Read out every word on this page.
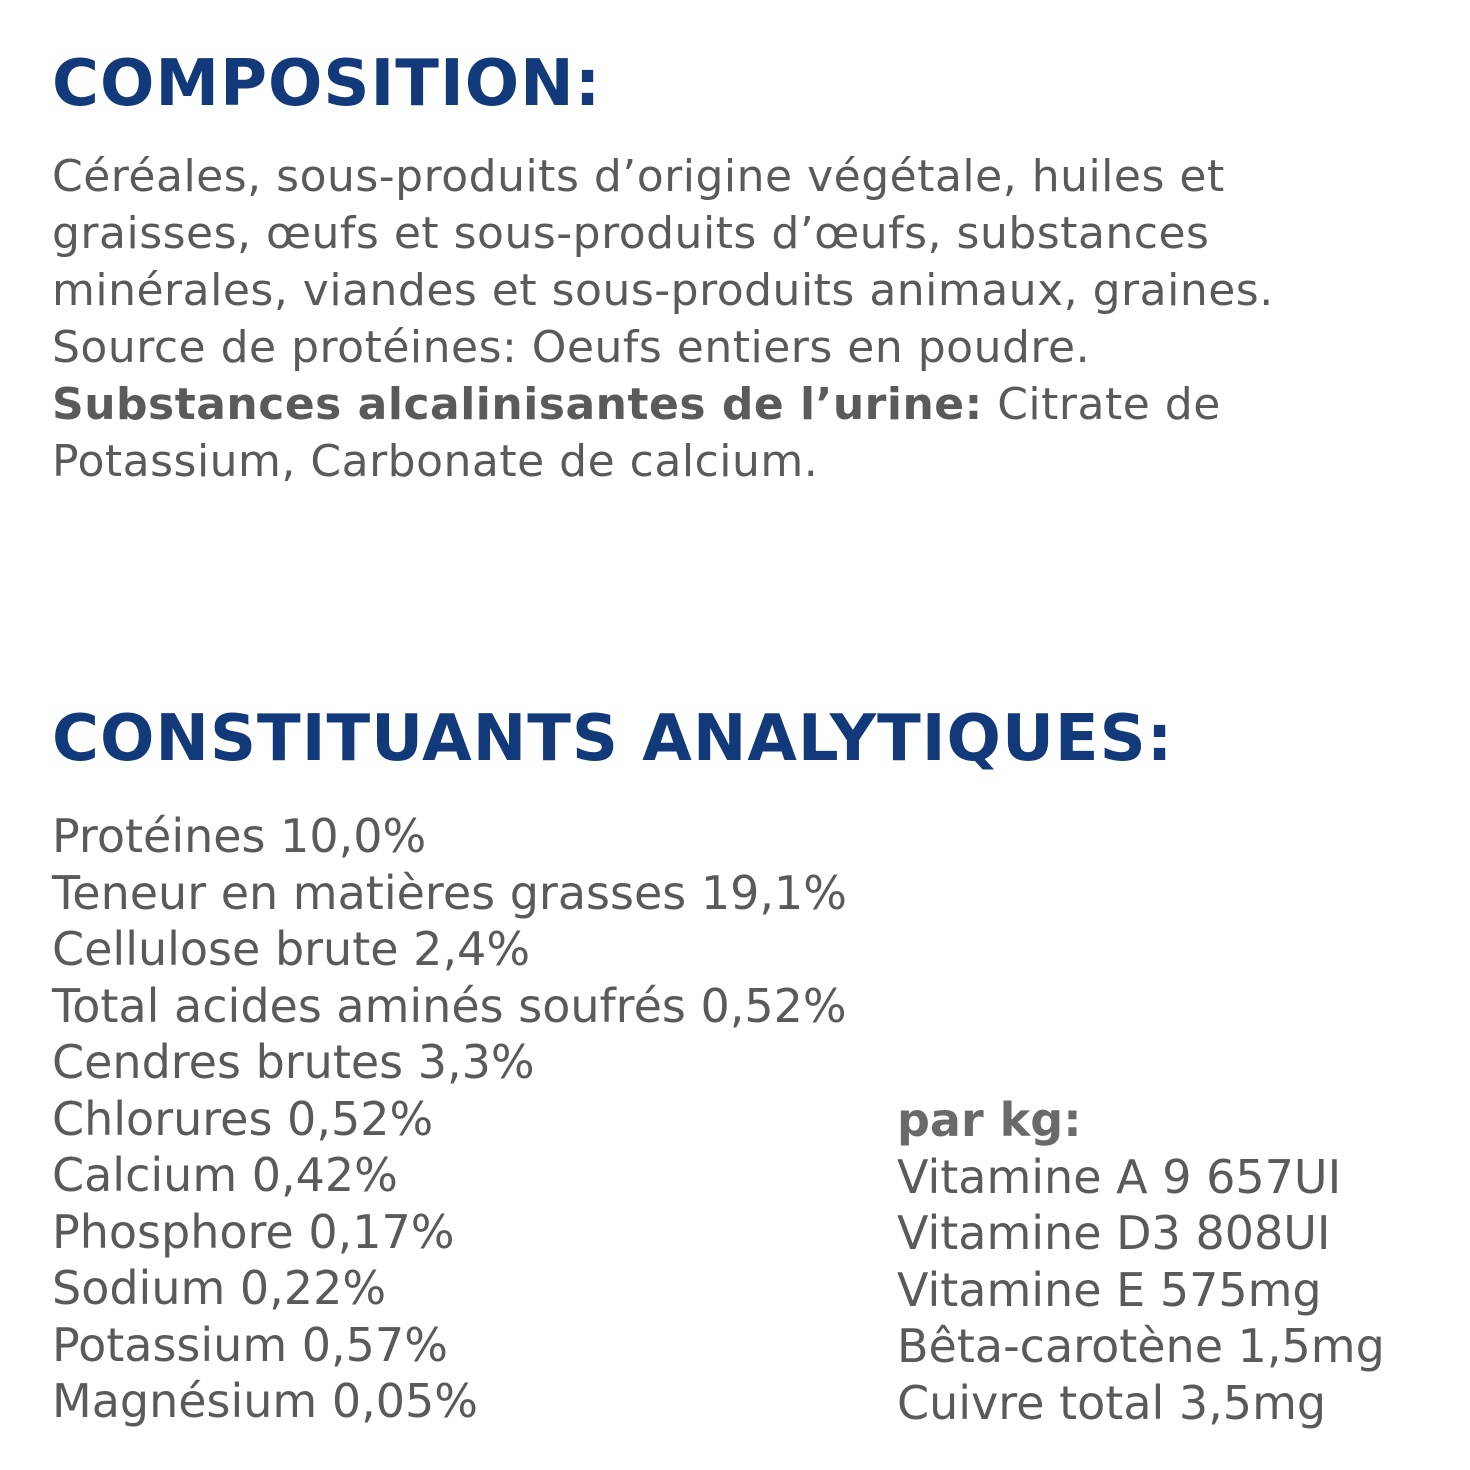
COMPOSITION:

Céréales, sous-produits d’origine végétale, huiles et
graisses, œufs et sous-produits d’œufs, substances
minérales, viandes et sous-produits animaux, graines.
Source de protéines: Oeufs entiers en poudre.
Substances alcalinisantes de l’urine: Citrate de
Potassium, Carbonate de calcium.

CONSTITUANTS ANALYTIQUES:
Protéines 10,0%
Teneur en matières grasses 19,1%
Cellulose brute 2,4%
Total acides aminés soufrés 0,52%
Cendres brutes 3,3%
Chlorures 0,52%
Calcium 0,42%
Phosphore 0,17%
Sodium 0,22%
Potassium 0,57%
Magnésium 0,05%
par kg:
Vitamine A 9 657UI
Vitamine D3 808UI
Vitamine E 575mg
Bêta-carotène 1,5mg
Cuivre total 3,5mg
